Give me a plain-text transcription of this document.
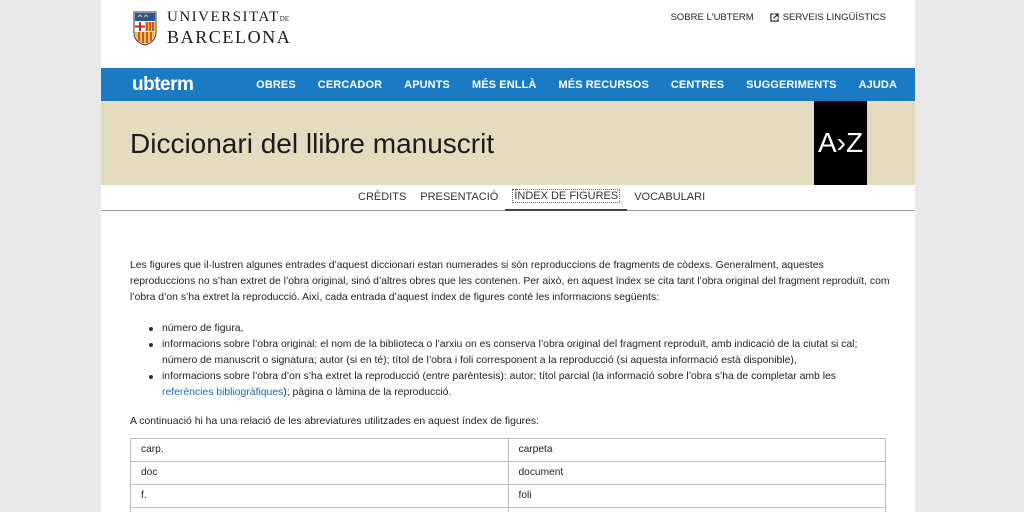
UNIVERSITATDE
BARCELONA
SOBRE L'UBTERM	SERVEIS LINGÜÍSTICS
ubterm	OBRES CERCADOR APUNTS MÉS ENLLÀ MÉS RECURSOS CENTRES SUGGERIMENTS AJUDA
Diccionari del llibre manuscrit	A›Z
CRÈDITS	PRESENTACIÓ	ÍNDEX DE FIGURES	VOCABULARI

Les figures que il·lustren algunes entrades d’aquest diccionari estan numerades si són reproduccions de fragments de còdexs. Generalment, aquestes reproduccions no s’han extret de l’obra original, sinó d’altres obres que les contenen. Per això, en aquest índex se cita tant l’obra original del fragment reproduït, com l’obra d’on s’ha extret la reproducció. Així, cada entrada d’aquest índex de figures conté les informacions següents:

número de figura,
informacions sobre l’obra original: el nom de la biblioteca o l’arxiu on es conserva l’obra original del fragment reproduït, amb indicació de la ciutat si cal; número de manuscrit o signatura; autor (si en té); títol de l’obra i foli corresponent a la reproducció (si aquesta informació està disponible),
informacions sobre l’obra d’on s’ha extret la reproducció (entre parèntesis): autor; títol parcial (la informació sobre l’obra s’ha de completar amb les referències bibliogràfiques); pàgina o làmina de la reproducció.

A continuació hi ha una relació de les abreviatures utilitzades en aquest índex de figures:

carp.	carpeta
doc	document
f.	foli
